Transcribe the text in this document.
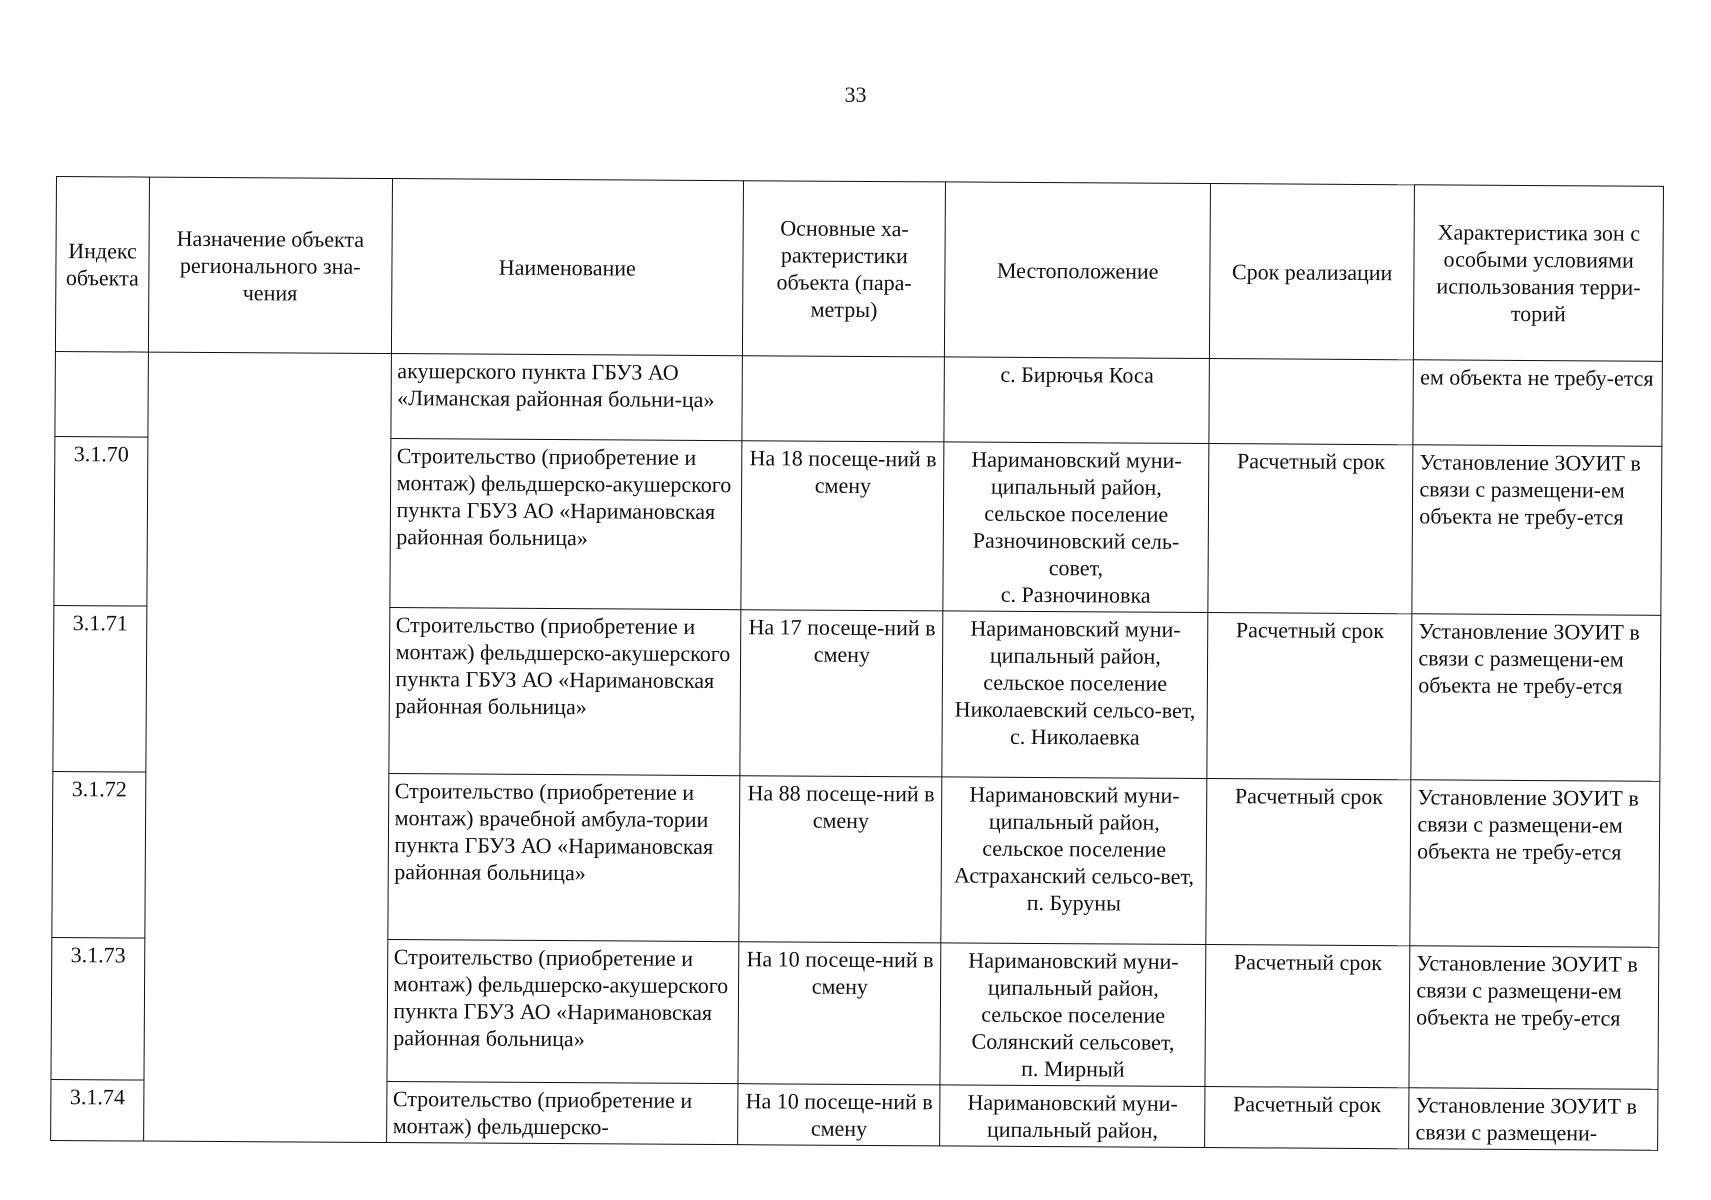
33
Индекс объекта	Назначение объекта регионального зна-чения	Наименование	Основные ха-рактеристики объекта (пара-метры)	Местоположение	Срок реализации	Характеристика зон с особыми условиями использования терри-торий
		акушерского пункта ГБУЗ АО «Лиманская районная больни-ца»		с. Бирючья Коса		ем объекта не требу-ется
3.1.70		Строительство (приобретение и монтаж) фельдшерско-акушерского пункта ГБУЗ АО «Наримановская районная больница»	На 18 посеще-ний в смену	Наримановский муни-ципальный район,
сельское поселение
Разночиновский сель-совет,
с. Разночиновка	Расчетный срок	Установление ЗОУИТ в связи с размещени-ем объекта не требу-ется
3.1.71		Строительство (приобретение и монтаж) фельдшерско-акушерского пункта ГБУЗ АО «Наримановская районная больница»	На 17 посеще-ний в смену	Наримановский муни-ципальный район,
сельское поселение
Николаевский сельсо-вет,
с. Николаевка	Расчетный срок	Установление ЗОУИТ в связи с размещени-ем объекта не требу-ется
3.1.72		Строительство (приобретение и монтаж) врачебной амбула-тории пункта ГБУЗ АО «Наримановская районная больница»	На 88 посеще-ний в смену	Наримановский муни-ципальный район,
сельское поселение
Астраханский сельсо-вет,
п. Буруны	Расчетный срок	Установление ЗОУИТ в связи с размещени-ем объекта не требу-ется
3.1.73		Строительство (приобретение и монтаж) фельдшерско-акушерского пункта ГБУЗ АО «Наримановская районная больница»	На 10 посеще-ний в смену	Наримановский муни-ципальный район,
сельское поселение
Солянский сельсовет,
п. Мирный	Расчетный срок	Установление ЗОУИТ в связи с размещени-ем объекта не требу-ется
3.1.74		Строительство (приобретение и монтаж) фельдшерско-	На 10 посеще-ний в смену	Наримановский муни-ципальный район,	Расчетный срок	Установление ЗОУИТ в связи с размещени-
